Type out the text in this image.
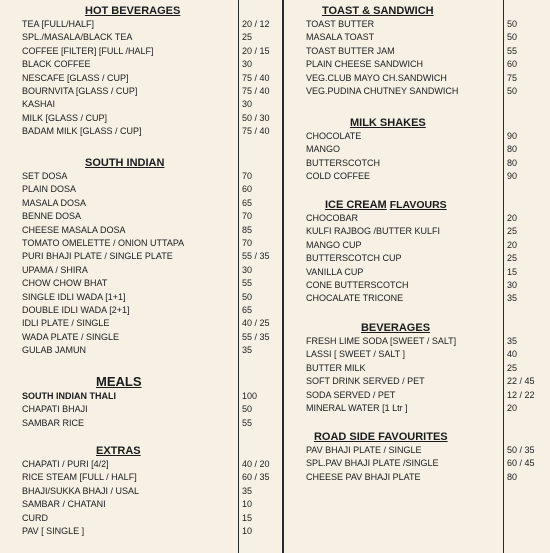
HOT BEVERAGES
TEA [FULL/HALF]	20 / 12
SPL./MASALA/BLACK TEA	25
COFFEE [FILTER] [FULL /HALF]	20 / 15
BLACK COFFEE	30
NESCAFE [GLASS / CUP]	75 / 40
BOURNVITA [GLASS / CUP]	75 / 40
KASHAI	30
MILK [GLASS / CUP]	50 / 30
BADAM MILK [GLASS / CUP]	75 / 40
SOUTH INDIAN
SET DOSA	70
PLAIN DOSA	60
MASALA DOSA	65
BENNE DOSA	70
CHEESE MASALA DOSA	85
TOMATO OMELETTE / ONION UTTAPA	70
PURI BHAJI PLATE / SINGLE PLATE	55 / 35
UPAMA / SHIRA	30
CHOW CHOW BHAT	55
SINGLE IDLI WADA [1+1]	50
DOUBLE IDLI WADA [2+1]	65
IDLI PLATE / SINGLE	40 / 25
WADA PLATE / SINGLE	55 / 35
GULAB JAMUN	35
MEALS
SOUTH INDIAN THALI	100
CHAPATI BHAJI	50
SAMBAR RICE	55
EXTRAS
CHAPATI / PURI [4/2]	40 / 20
RICE STEAM [FULL / HALF]	60 / 35
BHAJI/SUKKA BHAJI / USAL	35
SAMBAR / CHATANI	10
CURD	15
PAV [ SINGLE ]	10
TOAST & SANDWICH
TOAST BUTTER	50
MASALA TOAST	50
TOAST BUTTER JAM	55
PLAIN CHEESE SANDWICH	60
VEG.CLUB MAYO CH.SANDWICH	75
VEG.PUDINA CHUTNEY SANDWICH	50
MILK SHAKES
CHOCOLATE	90
MANGO	80
BUTTERSCOTCH	80
COLD COFFEE	90
ICE CREAM FLAVOURS
CHOCOBAR	20
KULFI RAJBOG /BUTTER KULFI	25
MANGO CUP	20
BUTTERSCOTCH CUP	25
VANILLA CUP	15
CONE BUTTERSCOTCH	30
CHOCALATE TRICONE	35
BEVERAGES
FRESH LIME SODA [SWEET / SALT]	35
LASSI [ SWEET / SALT ]	40
BUTTER MILK	25
SOFT DRINK SERVED / PET	22 / 45
SODA SERVED / PET	12 / 22
MINERAL WATER [1 Ltr ]	20
ROAD SIDE FAVOURITES
PAV BHAJI PLATE / SINGLE	50 / 35
SPL.PAV BHAJI PLATE /SINGLE	60 / 45
CHEESE PAV BHAJI PLATE	80
